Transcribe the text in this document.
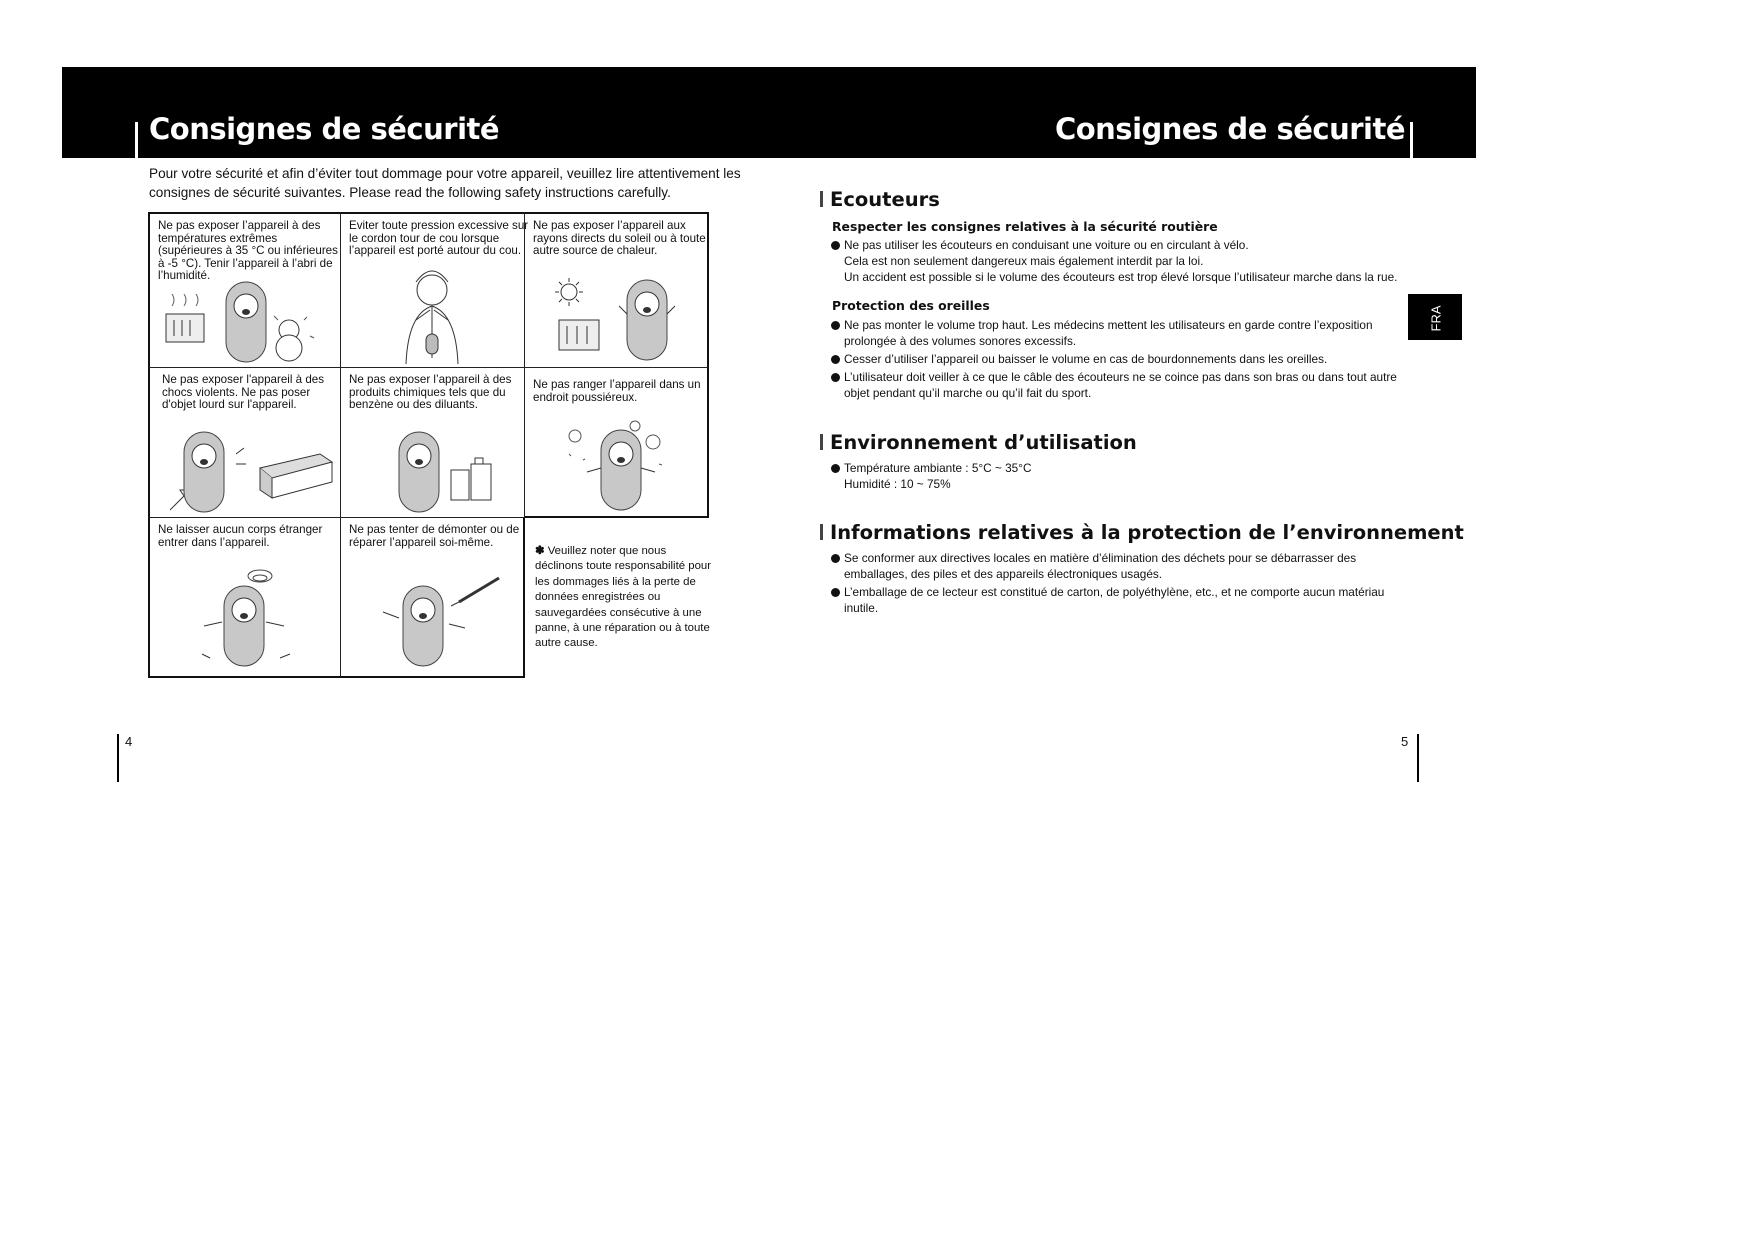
Consignes de sécurité	Consignes de sécurité
Pour votre sécurité et afin d’éviter tout dommage pour votre appareil, veuillez lire attentivement les consignes de sécurité suivantes. Please read the following safety instructions carefully.
Ne pas exposer l’appareil à des températures extrêmes (supérieures à 35 °C ou inférieures à -5 °C). Tenir l’appareil à l’abri de l’humidité.
Eviter toute pression excessive sur le cordon tour de cou lorsque l’appareil est porté autour du cou.
Ne pas exposer l’appareil aux rayons directs du soleil ou à toute autre source de chaleur.
Ne pas exposer l'appareil à des chocs violents. Ne pas poser d'objet lourd sur l'appareil.
Ne pas exposer l’appareil à des produits chimiques tels que du benzène ou des diluants.
Ne pas ranger l’appareil dans un endroit poussiéreux.
Ne laisser aucun corps étranger entrer dans l’appareil.
Ne pas tenter de démonter ou de réparer l’appareil soi-même.
✽ Veuillez noter que nous déclinons toute responsabilité pour les dommages liés à la perte de données enregistrées ou sauvegardées consécutive à une panne, à une réparation ou à toute autre cause.
Ecouteurs
Respecter les consignes relatives à la sécurité routière
Ne pas utiliser les écouteurs en conduisant une voiture ou en circulant à vélo.
Cela est non seulement dangereux mais également interdit par la loi.
Un accident est possible si le volume des écouteurs est trop élevé lorsque l’utilisateur marche dans la rue.
Protection des oreilles
Ne pas monter le volume trop haut. Les médecins mettent les utilisateurs en garde contre l’exposition prolongée à des volumes sonores excessifs.
Cesser d’utiliser l’appareil ou baisser le volume en cas de bourdonnements dans les oreilles.
L’utilisateur doit veiller à ce que le câble des écouteurs ne se coince pas dans son bras ou dans tout autre objet pendant qu’il marche ou qu’il fait du sport.
Environnement d’utilisation
Température ambiante : 5°C ~ 35°C
Humidité : 10 ~ 75%
Informations relatives à la protection de l’environnement
Se conformer aux directives locales en matière d’élimination des déchets pour se débarrasser des emballages, des piles et des appareils électroniques usagés.
L’emballage de ce lecteur est constitué de carton, de polyéthylène, etc., et ne comporte aucun matériau inutile.
FRA
4	5
